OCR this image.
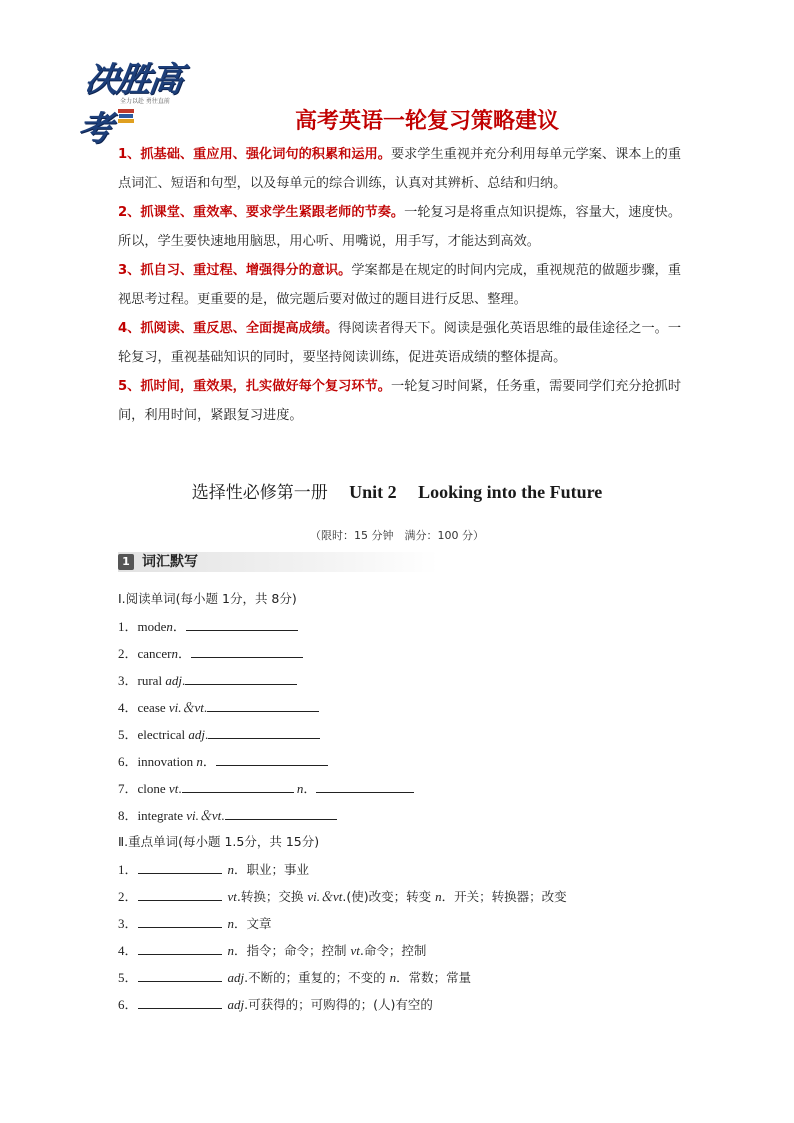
决胜高考
全力以赴 勇往直前
高考英语一轮复习策略建议

1、抓基础、重应用、强化词句的积累和运用。要求学生重视并充分利用每单元学案、课本上的重点词汇、短语和句型，以及每单元的综合训练，认真对其辨析、总结和归纳。

2、抓课堂、重效率、要求学生紧跟老师的节奏。一轮复习是将重点知识提炼，容量大，速度快。所以，学生要快速地用脑思，用心听、用嘴说，用手写，才能达到高效。

3、抓自习、重过程、增强得分的意识。学案都是在规定的时间内完成，重视规范的做题步骤，重视思考过程。更重要的是，做完题后要对做过的题目进行反思、整理。

4、抓阅读、重反思、全面提高成绩。得阅读者得天下。阅读是强化英语思维的最佳途径之一。一轮复习，重视基础知识的同时，要坚持阅读训练，促进英语成绩的整体提高。

5、抓时间，重效果，扎实做好每个复习环节。一轮复习时间紧，任务重，需要同学们充分抢抓时间，利用时间，紧跟复习进度。

选择性必修第一册 Unit 2 Looking into the Future
（限时：15 分钟　满分：100 分）
1 词汇默写
Ⅰ.阅读单词(每小题 1分，共 8分)
1．moden．
2．cancern．
3．rural adj.
4．cease vi.＆vt.
5．electrical adj.
6．innovation n．
7．clone vt.	n．
8．integrate vi.＆vt.
Ⅱ.重点单词(每小题 1.5分，共 15分)
1．	n．职业；事业
2．	vt.转换；交换 vi.＆vt.(使)改变；转变 n．开关；转换器；改变
3．	n．文章
4．	n．指令；命令；控制 vt.命令；控制
5．	adj.不断的；重复的；不变的 n．常数；常量
6．	adj.可获得的；可购得的；(人)有空的
